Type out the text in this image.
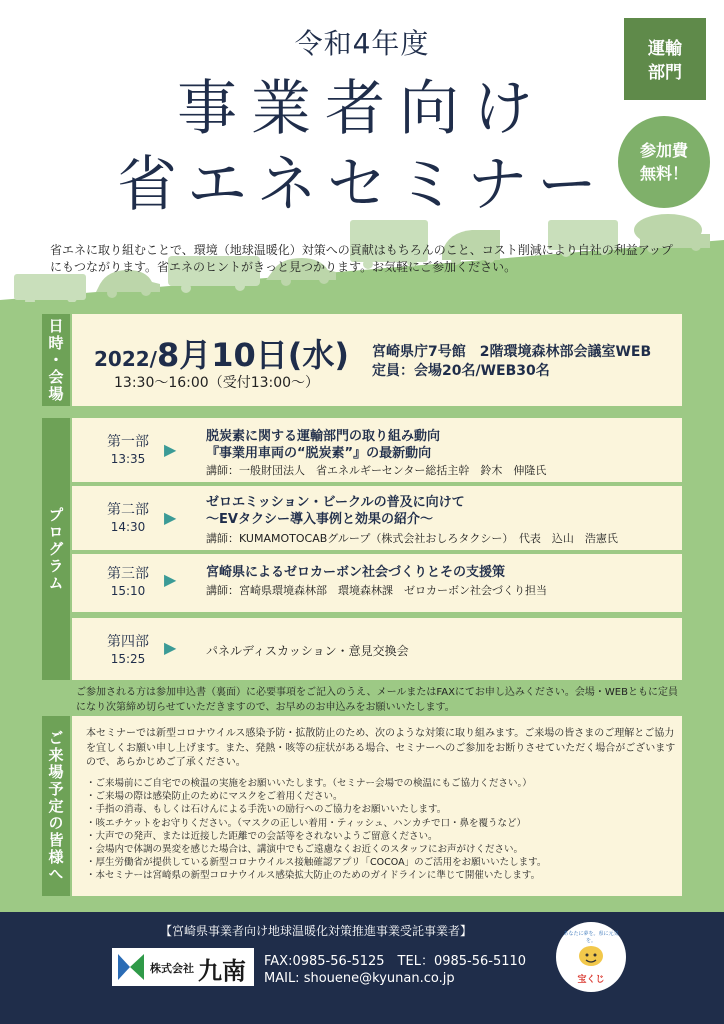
令和4年度
事業者向け
省エネセミナー
運輸
部門
参加費
無料！
省エネに取り組むことで、環境（地球温暖化）対策への貢献はもちろんのこと、コスト削減により自社の利益アップにもつながります。省エネのヒントがきっと見つかります。お気軽にご参加ください。
日時・会場 2022/8月10日(水)
13:30～16:00（受付13:00～）
宮崎県庁7号館　2階環境森林部会議室WEB
定員：会場20名/WEB30名
プログラム
第一部
13:35	▶
脱炭素に関する運輸部門の取り組み動向
『事業用車両の“脱炭素”』の最新動向
講師：一般財団法人　省エネルギーセンター総括主幹　鈴木　伸隆氏
第二部
14:30	▶
ゼロエミッション・ビークルの普及に向けて
～EVタクシー導入事例と効果の紹介～
講師：KUMAMOTOCABグループ（株式会社おしろタクシー）　代表　込山　浩憲氏
第三部
15:10
▶ 宮崎県によるゼロカーボン社会づくりとその支援策
講師：宮崎県環境森林部　環境森林課　ゼロカーボン社会づくり担当
第四部
15:25
▶ パネルディスカッション・意見交換会
ご参加される方は参加申込書（裏面）に必要事項をご記入のうえ、メールまたはFAXにてお申し込みください。会場・WEBともに定員になり次第締め切らせていただきますので、お早めのお申込みをお願いいたします。
ご来場予定の皆様へ	本セミナーでは新型コロナウイルス感染予防・拡散防止のため、次のような対策に取り組みます。ご来場の皆さまのご理解とご協力を宜しくお願い申し上げます。また、発熱・咳等の症状がある場合、セミナーへのご参加をお断りさせていただく場合がございますので、あらかじめご了承ください。
・ご来場前にご自宅での検温の実施をお願いいたします。（セミナー会場での検温にもご協力ください。）
・ご来場の際は感染防止のためにマスクをご着用ください。
・手指の消毒、もしくは石けんによる手洗いの励行へのご協力をお願いいたします。
・咳エチケットをお守りください。（マスクの正しい着用・ティッシュ、ハンカチで口・鼻を覆うなど）
・大声での発声、または近接した距離での会話等をされないようご留意ください。
・会場内で体調の異変を感じた場合は、講演中でもご遠慮なくお近くのスタッフにお声がけください。
・厚生労働省が提供している新型コロナウイルス接触確認アプリ「COCOA」のご活用をお願いいたします。
・本セミナーは宮崎県の新型コロナウイルス感染拡大防止のためのガイドラインに準じて開催いたします。
【宮崎県事業者向け地球温暖化対策推進事業受託事業者】
株式会社 九南 FAX:0985-56-5125　TEL：0985-56-5110
MAIL: shouene@kyunan.co.jp
あなたに夢を。県に元気を。
宝くじ
